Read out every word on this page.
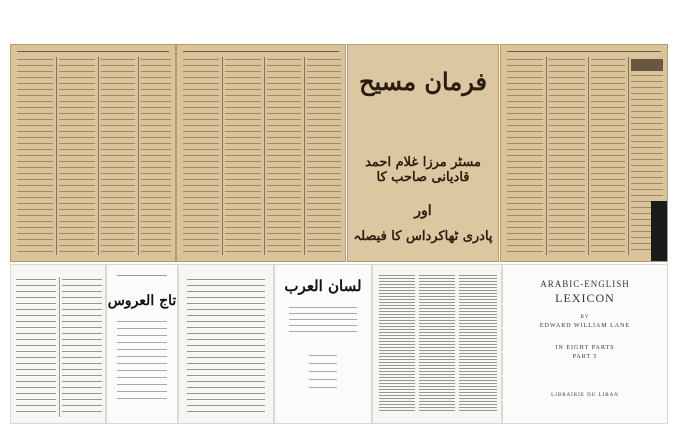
فرمان مسیح
مسٹر مرزا غلام احمد قادیانی صاحب کا
اور
پادری ٹھاکرداس کا فیصلہ
تاج العروس
لسان العرب	ARABIC-ENGLISH
LEXICON
BY
EDWARD WILLIAM LANE
IN EIGHT PARTS
PART 5
LIBRAIRIE DU LIBAN
